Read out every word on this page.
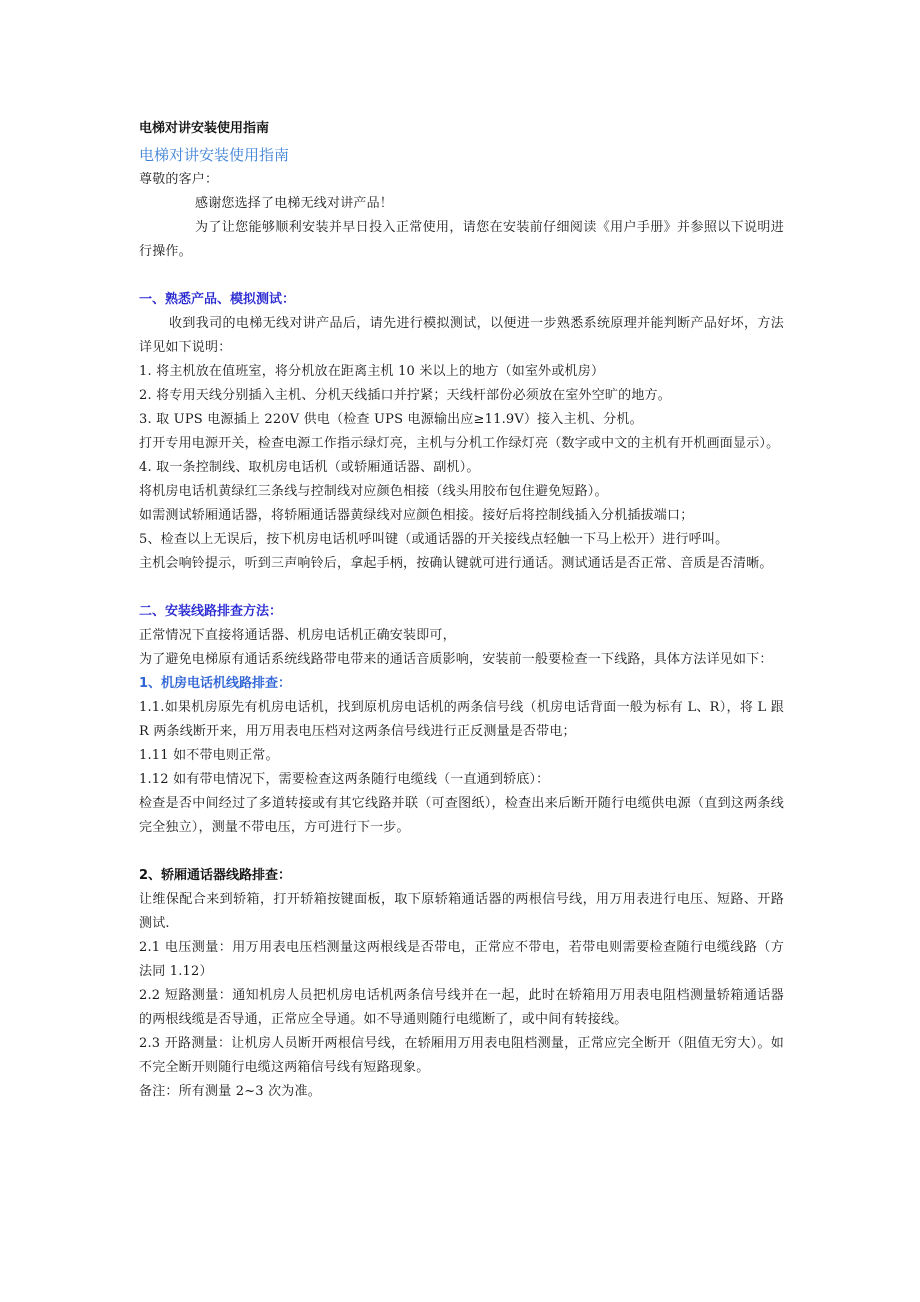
电梯对讲安装使用指南
电梯对讲安装使用指南

尊敬的客户：

感谢您选择了电梯无线对讲产品！

为了让您能够顺利安装并早日投入正常使用，请您在安装前仔细阅读《用户手册》并参照以下说明进行操作。

一、熟悉产品、模拟测试：

收到我司的电梯无线对讲产品后，请先进行模拟测试，以便进一步熟悉系统原理并能判断产品好坏，方法详见如下说明：

1. 将主机放在值班室，将分机放在距离主机 10 米以上的地方（如室外或机房）

2. 将专用天线分别插入主机、分机天线插口并拧紧；天线杆部份必须放在室外空旷的地方。

3. 取 UPS 电源插上 220V 供电（检查 UPS 电源输出应≥11.9V）接入主机、分机。

打开专用电源开关，检查电源工作指示绿灯亮，主机与分机工作绿灯亮（数字或中文的主机有开机画面显示）。

4. 取一条控制线、取机房电话机（或轿厢通话器、副机）。

将机房电话机黄绿红三条线与控制线对应颜色相接（线头用胶布包住避免短路）。

如需测试轿厢通话器，将轿厢通话器黄绿线对应颜色相接。接好后将控制线插入分机插拔端口；

5、检查以上无误后，按下机房电话机呼叫键（或通话器的开关接线点轻触一下马上松开）进行呼叫。

主机会响铃提示，听到三声响铃后，拿起手柄，按确认键就可进行通话。测试通话是否正常、音质是否清晰。

二、安装线路排查方法：

正常情况下直接将通话器、机房电话机正确安装即可，

为了避免电梯原有通话系统线路带电带来的通话音质影响，安装前一般要检查一下线路，具体方法详见如下：

1、机房电话机线路排查：

1.1.如果机房原先有机房电话机，找到原机房电话机的两条信号线（机房电话背面一般为标有 L、R），将 L 跟 R 两条线断开来，用万用表电压档对这两条信号线进行正反测量是否带电；

1.11 如不带电则正常。

1.12 如有带电情况下，需要检查这两条随行电缆线（一直通到轿底）：

检查是否中间经过了多道转接或有其它线路并联（可查图纸），检查出来后断开随行电缆供电源（直到这两条线完全独立），测量不带电压，方可进行下一步。

2、轿厢通话器线路排查：

让维保配合来到轿箱，打开轿箱按键面板，取下原轿箱通话器的两根信号线，用万用表进行电压、短路、开路测试.

2.1 电压测量：用万用表电压档测量这两根线是否带电，正常应不带电，若带电则需要检查随行电缆线路（方法同 1.12）

2.2 短路测量：通知机房人员把机房电话机两条信号线并在一起，此时在轿箱用万用表电阻档测量轿箱通话器的两根线缆是否导通，正常应全导通。如不导通则随行电缆断了，或中间有转接线。

2.3 开路测量：让机房人员断开两根信号线，在轿厢用万用表电阻档测量，正常应完全断开（阻值无穷大）。如不完全断开则随行电缆这两箱信号线有短路现象。

备注：所有测量 2~3 次为准。
